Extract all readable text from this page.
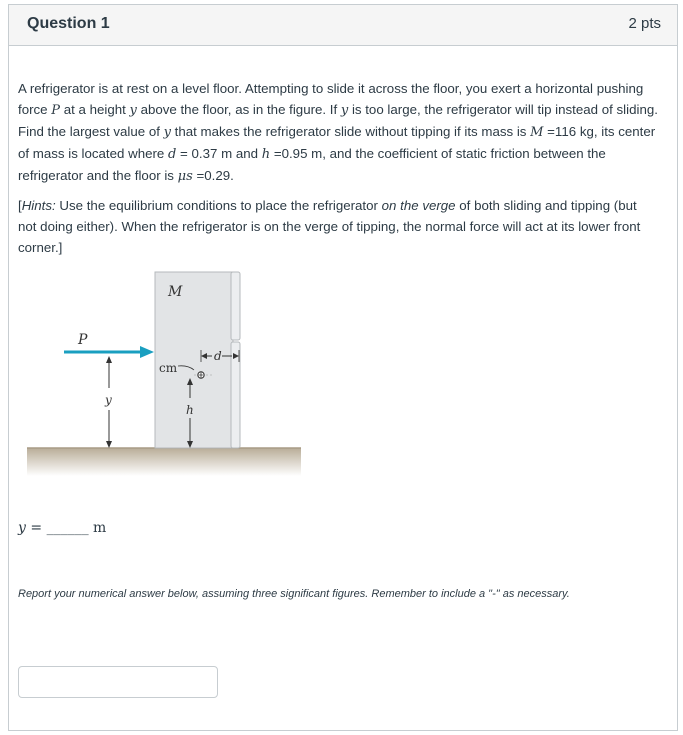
Question 1	2 pts
A refrigerator is at rest on a level floor. Attempting to slide it across the floor, you exert a horizontal pushing force P at a height y above the floor, as in the figure. If y is too large, the refrigerator will tip instead of sliding. Find the largest value of y that makes the refrigerator slide without tipping if its mass is M =116 kg, its center of mass is located where d = 0.37 m and h =0.95 m, and the coefficient of static friction between the refrigerator and the floor is μs =0.29.
[Hints: Use the equilibrium conditions to place the refrigerator on the verge of both sliding and tipping (but not doing either). When the refrigerator is on the verge of tipping, the normal force will act at its lower front corner.]
M
P
y
cm
h
d
y = ______ m
Report your numerical answer below, assuming three significant figures. Remember to include a "-" as necessary.
